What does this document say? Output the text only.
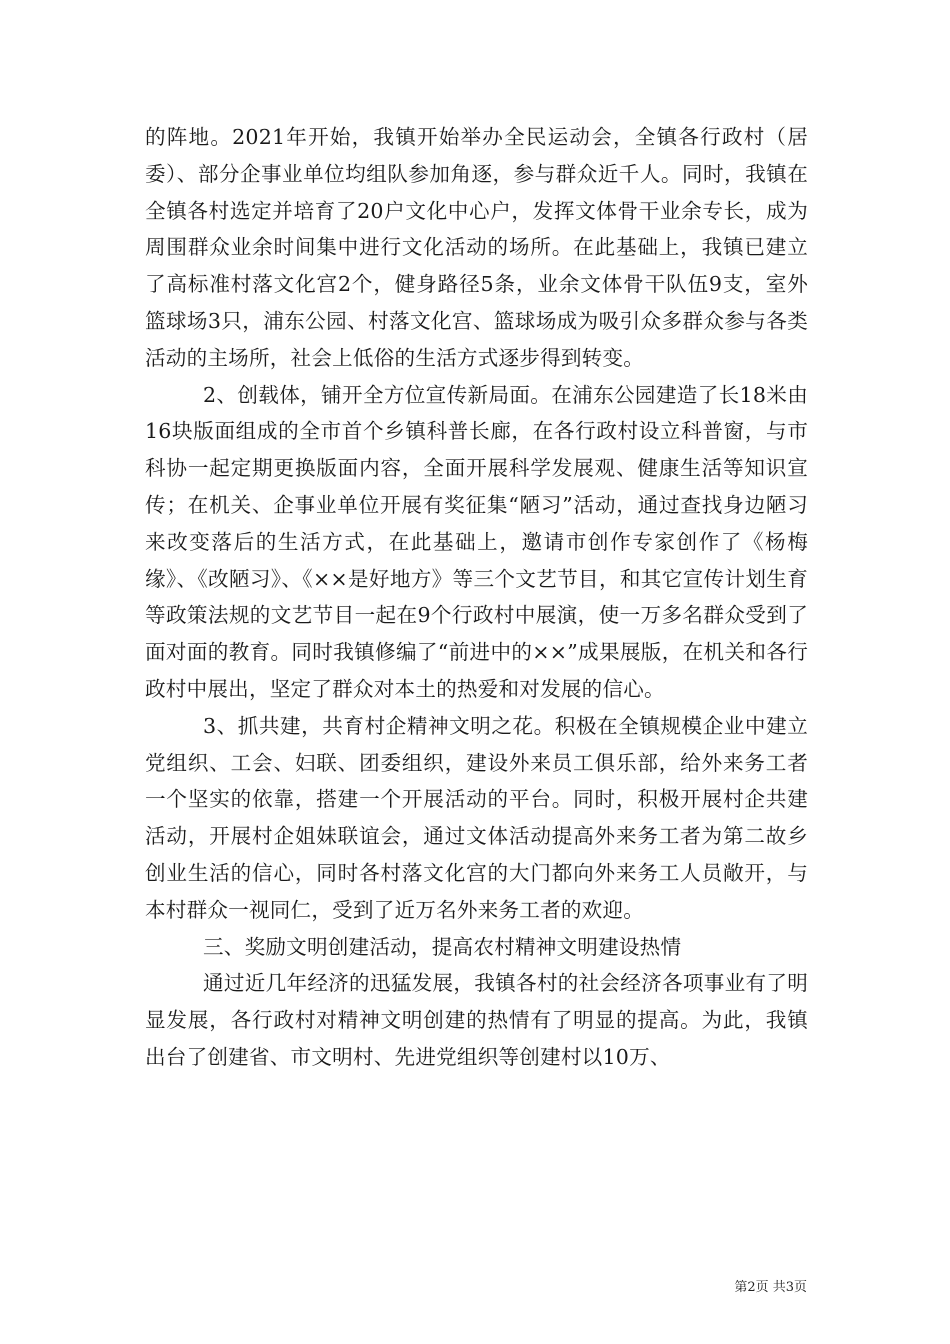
的阵地。2021年开始，我镇开始举办全民运动会，全镇各行政村（居委）、部分企事业单位均组队参加角逐，参与群众近千人。同时，我镇在全镇各村选定并培育了20户文化中心户，发挥文体骨干业余专长，成为周围群众业余时间集中进行文化活动的场所。在此基础上，我镇已建立了高标准村落文化宫2个，健身路径5条，业余文体骨干队伍9支，室外篮球场3只，浦东公园、村落文化宫、篮球场成为吸引众多群众参与各类活动的主场所，社会上低俗的生活方式逐步得到转变。

2、创载体，铺开全方位宣传新局面。在浦东公园建造了长18米由16块版面组成的全市首个乡镇科普长廊，在各行政村设立科普窗，与市科协一起定期更换版面内容，全面开展科学发展观、健康生活等知识宣传；在机关、企事业单位开展有奖征集“陋习”活动，通过查找身边陋习来改变落后的生活方式，在此基础上，邀请市创作专家创作了《杨梅缘》、《改陋习》、《××是好地方》等三个文艺节目，和其它宣传计划生育等政策法规的文艺节目一起在9个行政村中展演，使一万多名群众受到了面对面的教育。同时我镇修编了“前进中的××”成果展版，在机关和各行政村中展出，坚定了群众对本土的热爱和对发展的信心。

3、抓共建，共育村企精神文明之花。积极在全镇规模企业中建立党组织、工会、妇联、团委组织，建设外来员工俱乐部，给外来务工者一个坚实的依靠，搭建一个开展活动的平台。同时，积极开展村企共建活动，开展村企姐妹联谊会，通过文体活动提高外来务工者为第二故乡创业生活的信心，同时各村落文化宫的大门都向外来务工人员敞开，与本村群众一视同仁，受到了近万名外来务工者的欢迎。

三、奖励文明创建活动，提高农村精神文明建设热情

通过近几年经济的迅猛发展，我镇各村的社会经济各项事业有了明显发展，各行政村对精神文明创建的热情有了明显的提高。为此，我镇出台了创建省、市文明村、先进党组织等创建村以10万、

第2页 共3页
